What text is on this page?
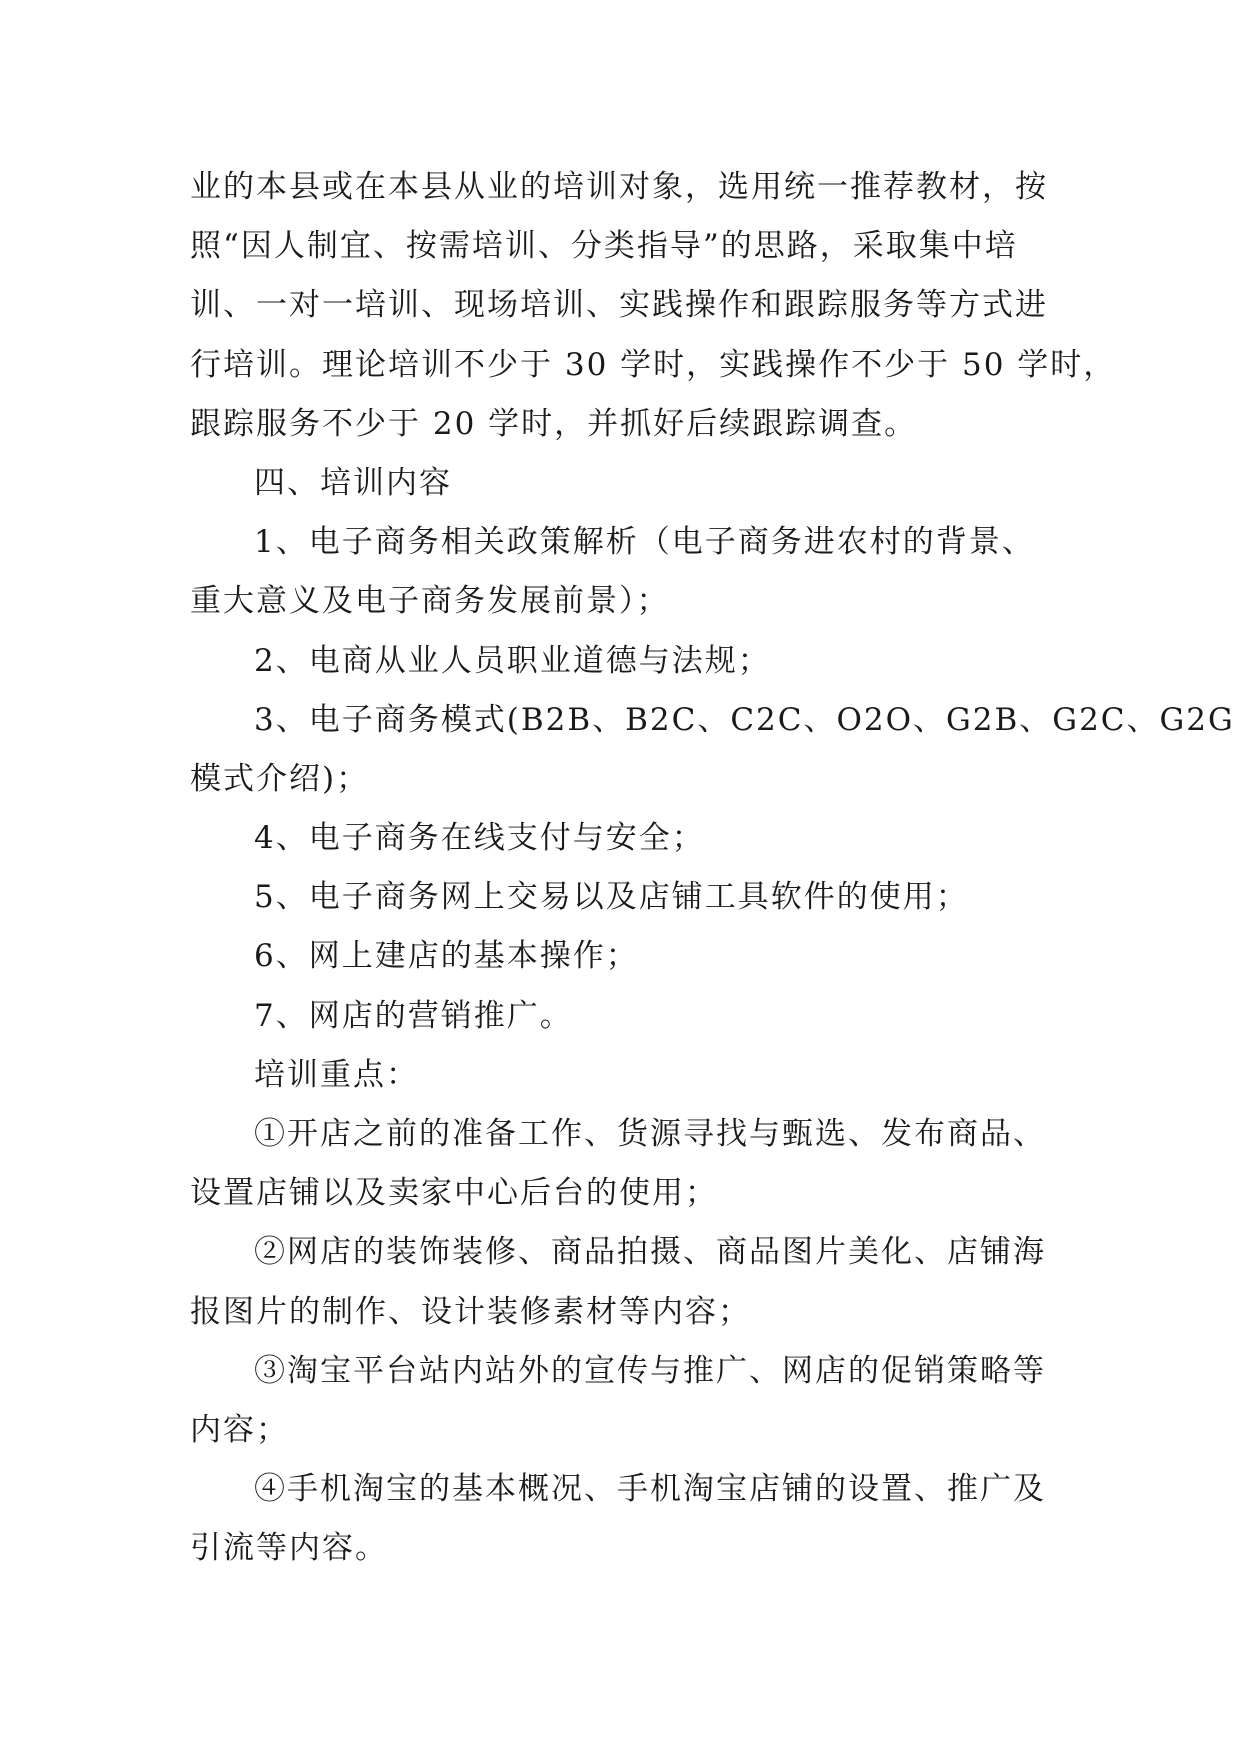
业的本县或在本县从业的培训对象，选用统一推荐教材，按
照“因人制宜、按需培训、分类指导”的思路，采取集中培
训、一对一培训、现场培训、实践操作和跟踪服务等方式进
行培训。理论培训不少于 30 学时，实践操作不少于 50 学时，
跟踪服务不少于 20 学时，并抓好后续跟踪调查。
四、培训内容
1、电子商务相关政策解析（电子商务进农村的背景、
重大意义及电子商务发展前景）；
2、电商从业人员职业道德与法规；
3、电子商务模式(B2B、B2C、C2C、O2O、G2B、G2C、G2G
模式介绍)；
4、电子商务在线支付与安全；
5、电子商务网上交易以及店铺工具软件的使用；
6、网上建店的基本操作；
7、网店的营销推广。
培训重点：
①开店之前的准备工作、货源寻找与甄选、发布商品、
设置店铺以及卖家中心后台的使用；
②网店的装饰装修、商品拍摄、商品图片美化、店铺海
报图片的制作、设计装修素材等内容；
③淘宝平台站内站外的宣传与推广、网店的促销策略等
内容；
④手机淘宝的基本概况、手机淘宝店铺的设置、推广及
引流等内容。
